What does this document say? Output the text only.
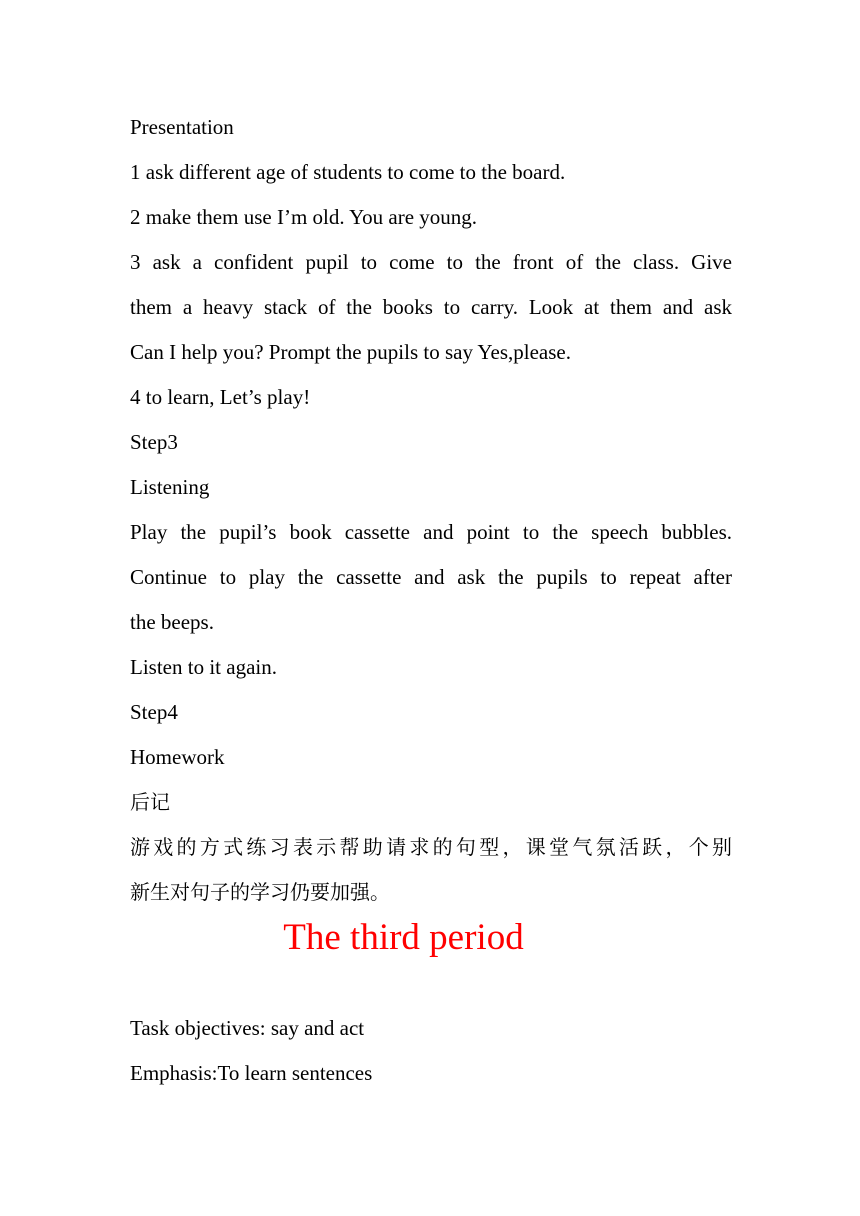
Presentation
1 ask different age of students to come to the board.
2 make them use I’m old. You are young.
3 ask a confident pupil to come to the front of the class. Give
them a heavy stack of the books to carry. Look at them and ask
Can I help you? Prompt the pupils to say Yes,please.
4 to learn, Let’s play!
Step3
Listening
Play the pupil’s book cassette and point to the speech bubbles.
Continue to play the cassette and ask the pupils to repeat after
the beeps.
Listen to it again.
Step4
Homework
后记
游戏的方式练习表示帮助请求的句型，课堂气氛活跃，个别
新生对句子的学习仍要加强。
The third period
Task objectives: say and act
Emphasis:To learn sentences
